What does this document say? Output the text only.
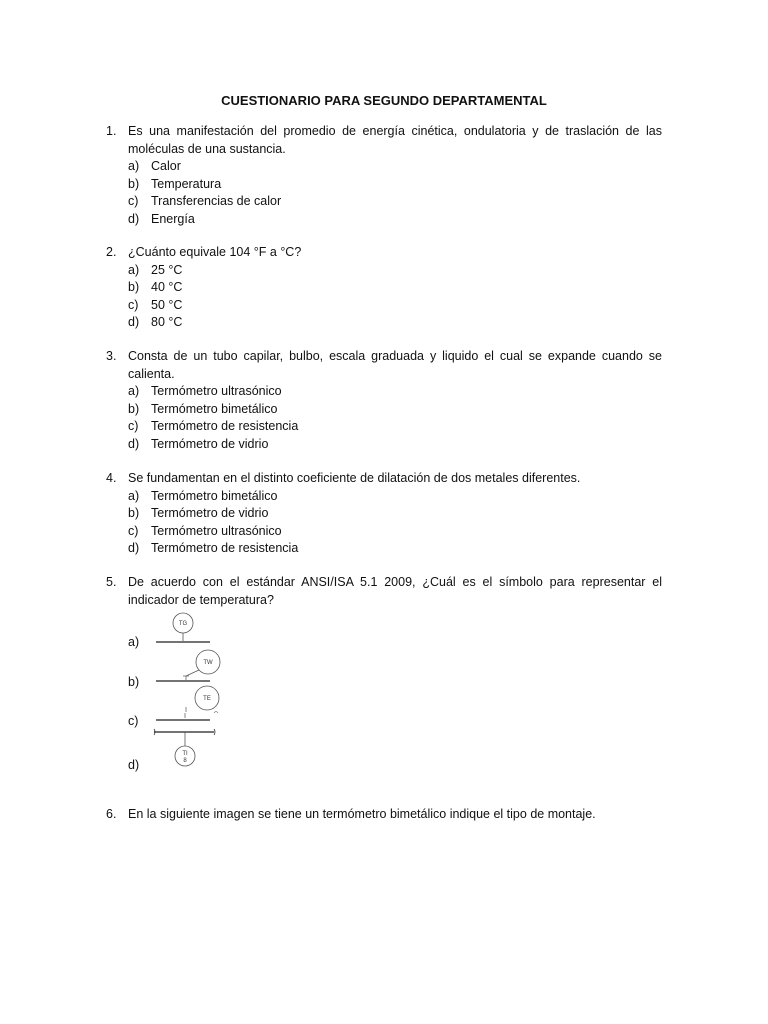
CUESTIONARIO PARA SEGUNDO DEPARTAMENTAL
1. Es una manifestación del promedio de energía cinética, ondulatoria y de traslación de las moléculas de una sustancia.
a) Calor
b) Temperatura
c) Transferencias de calor
d) Energía
2. ¿Cuánto equivale 104 °F a °C?
a) 25 °C
b) 40 °C
c) 50 °C
d) 80 °C
3. Consta de un tubo capilar, bulbo, escala graduada y liquido el cual se expande cuando se calienta.
a) Termómetro ultrasónico
b) Termómetro bimetálico
c) Termómetro de resistencia
d) Termómetro de vidrio
4. Se fundamentan en el distinto coeficiente de dilatación de dos metales diferentes.
a) Termómetro bimetálico
b) Termómetro de vidrio
c) Termómetro ultrasónico
d) Termómetro de resistencia
5. De acuerdo con el estándar ANSI/ISA 5.1 2009, ¿Cuál es el símbolo para representar el indicador de temperatura?
a)
b)
c)
d)
TG
TW
TE
TI
8
6. En la siguiente imagen se tiene un termómetro bimetálico indique el tipo de montaje.
